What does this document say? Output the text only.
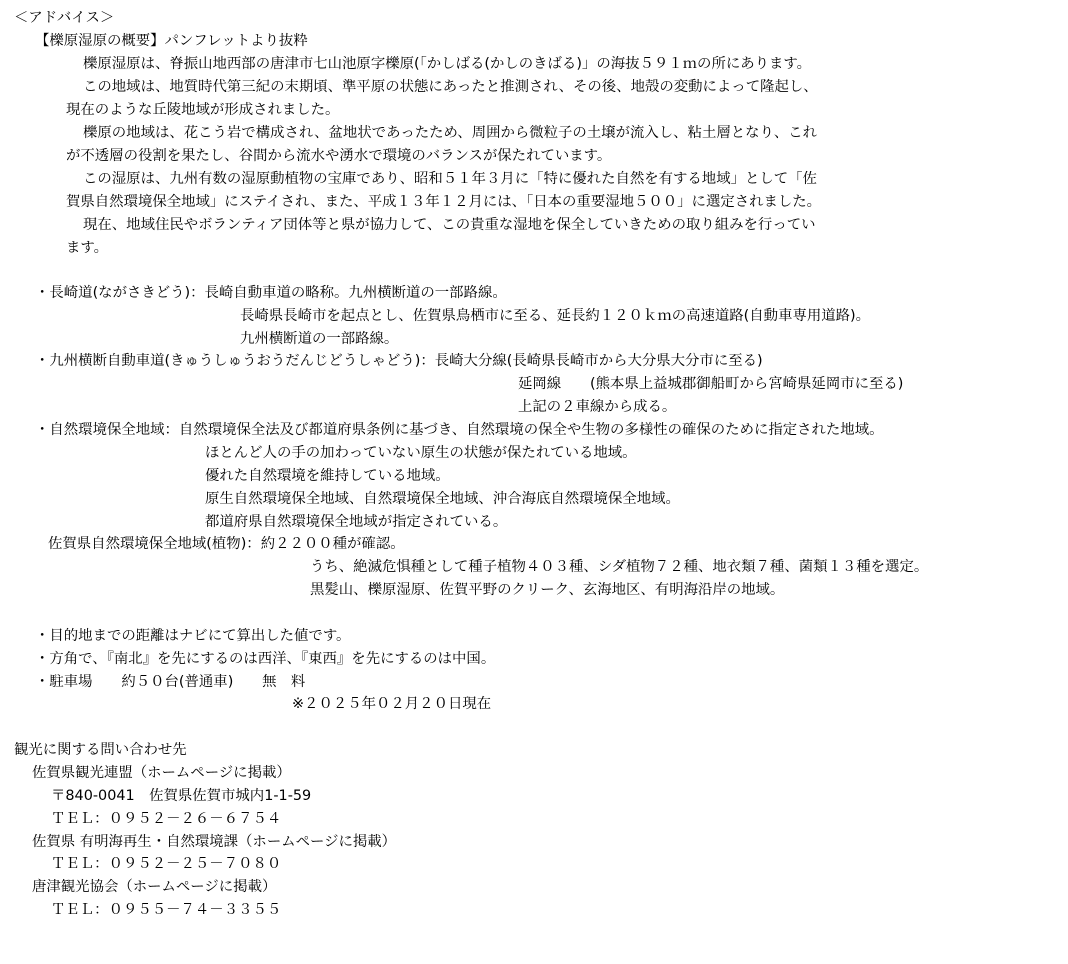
＜アドバイス＞
【櫟原湿原の概要】パンフレットより抜粋
櫟原湿原は、脊振山地西部の唐津市七山池原字櫟原(「かしばる(かしのきばる)」の海抜５９１ｍの所にあります。
この地域は、地質時代第三紀の末期頃、準平原の状態にあったと推測され、その後、地殻の変動によって隆起し、
現在のような丘陵地域が形成されました。
櫟原の地域は、花こう岩で構成され、盆地状であったため、周囲から微粒子の土壌が流入し、粘土層となり、これ
が不透層の役割を果たし、谷間から流水や湧水で環境のバランスが保たれています。
この湿原は、九州有数の湿原動植物の宝庫であり、昭和５１年３月に「特に優れた自然を有する地域」として「佐
賀県自然環境保全地域」にステイされ、また、平成１３年１２月には、「日本の重要湿地５００」に選定されました。
現在、地域住民やボランティア団体等と県が協力して、この貴重な湿地を保全していきための取り組みを行ってい
ます。
・長崎道(ながさきどう)：長崎自動車道の略称。九州横断道の一部路線。
長崎県長崎市を起点とし、佐賀県鳥栖市に至る、延長約１２０ｋｍの高速道路(自動車専用道路)。
九州横断道の一部路線。
・九州横断自動車道(きゅうしゅうおうだんじどうしゃどう)：長崎大分線(長崎県長崎市から大分県大分市に至る)
延岡線　　(熊本県上益城郡御船町から宮崎県延岡市に至る)
上記の２車線から成る。
・自然環境保全地域：自然環境保全法及び都道府県条例に基づき、自然環境の保全や生物の多様性の確保のために指定された地域。
ほとんど人の手の加わっていない原生の状態が保たれている地域。
優れた自然環境を維持している地域。
原生自然環境保全地域、自然環境保全地域、沖合海底自然環境保全地域。
都道府県自然環境保全地域が指定されている。
佐賀県自然環境保全地域(植物)：約２２００種が確認。
うち、絶滅危惧種として種子植物４０３種、シダ植物７２種、地衣類７種、菌類１３種を選定。
黒髪山、櫟原湿原、佐賀平野のクリーク、玄海地区、有明海沿岸の地域。
・目的地までの距離はナビにて算出した値です。
・方角で、『南北』を先にするのは西洋、『東西』を先にするのは中国。
・駐車場　　約５０台(普通車)　　無　料
※２０２５年０２月２０日現在
観光に関する問い合わせ先
佐賀県観光連盟（ホームページに掲載）
〒840-0041　佐賀県佐賀市城内1-1-59
ＴＥＬ：０９５２－２６－６７５４
佐賀県 有明海再生・自然環境課（ホームページに掲載）
ＴＥＬ：０９５２－２５－７０８０
唐津観光協会（ホームページに掲載）
ＴＥＬ：０９５５－７４－３３５５
